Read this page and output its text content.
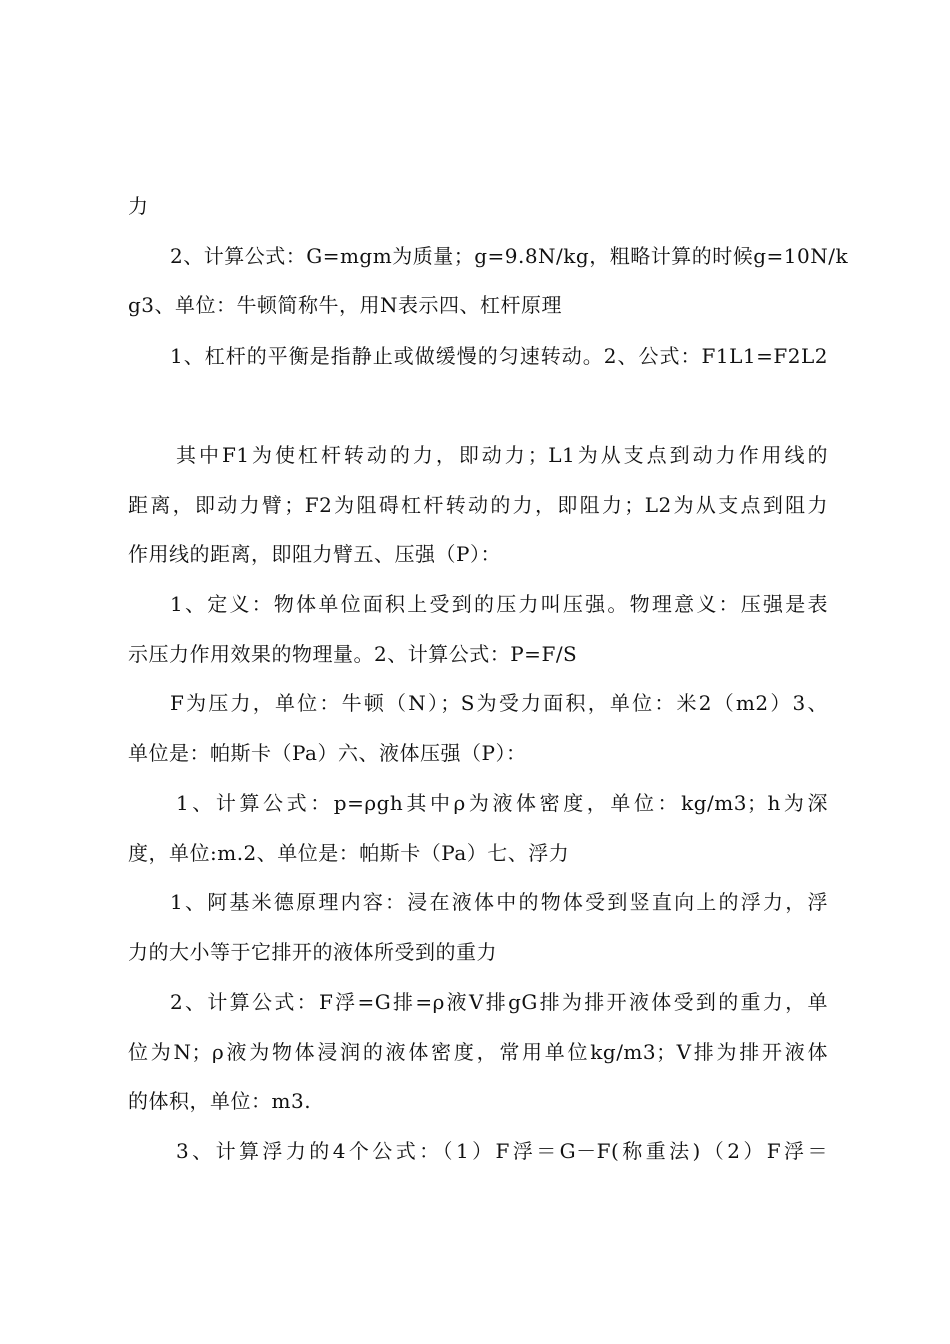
力
2、计算公式：G=mgm为质量；g=9.8N/kg，粗略计算的时候g=10N/k
g3、单位：牛顿简称牛，用N表示四、杠杆原理
1、杠杆的平衡是指静止或做缓慢的匀速转动。2、公式：F1L1=F2L2
其中F1为使杠杆转动的力，即动力；L1为从支点到动力作用线的
距离，即动力臂；F2为阻碍杠杆转动的力，即阻力；L2为从支点到阻力
作用线的距离，即阻力臂五、压强（P）：
1、定义：物体单位面积上受到的压力叫压强。物理意义：压强是表
示压力作用效果的物理量。2、计算公式：P=F/S
F为压力，单位：牛顿（N）；S为受力面积，单位：米2（m2）3、
单位是：帕斯卡（Pa）六、液体压强（P）：
1、计算公式：p=ρgh其中ρ为液体密度，单位：kg/m3；h为深
度，单位:m.2、单位是：帕斯卡（Pa）七、浮力
1、阿基米德原理内容：浸在液体中的物体受到竖直向上的浮力，浮
力的大小等于它排开的液体所受到的重力
2、计算公式：F浮=G排=ρ液V排gG排为排开液体受到的重力，单
位为N；ρ液为物体浸润的液体密度，常用单位kg/m3；V排为排开液体
的体积，单位：m3.
3、计算浮力的4个公式：（1）F浮＝G－F(称重法)（2）F浮＝
